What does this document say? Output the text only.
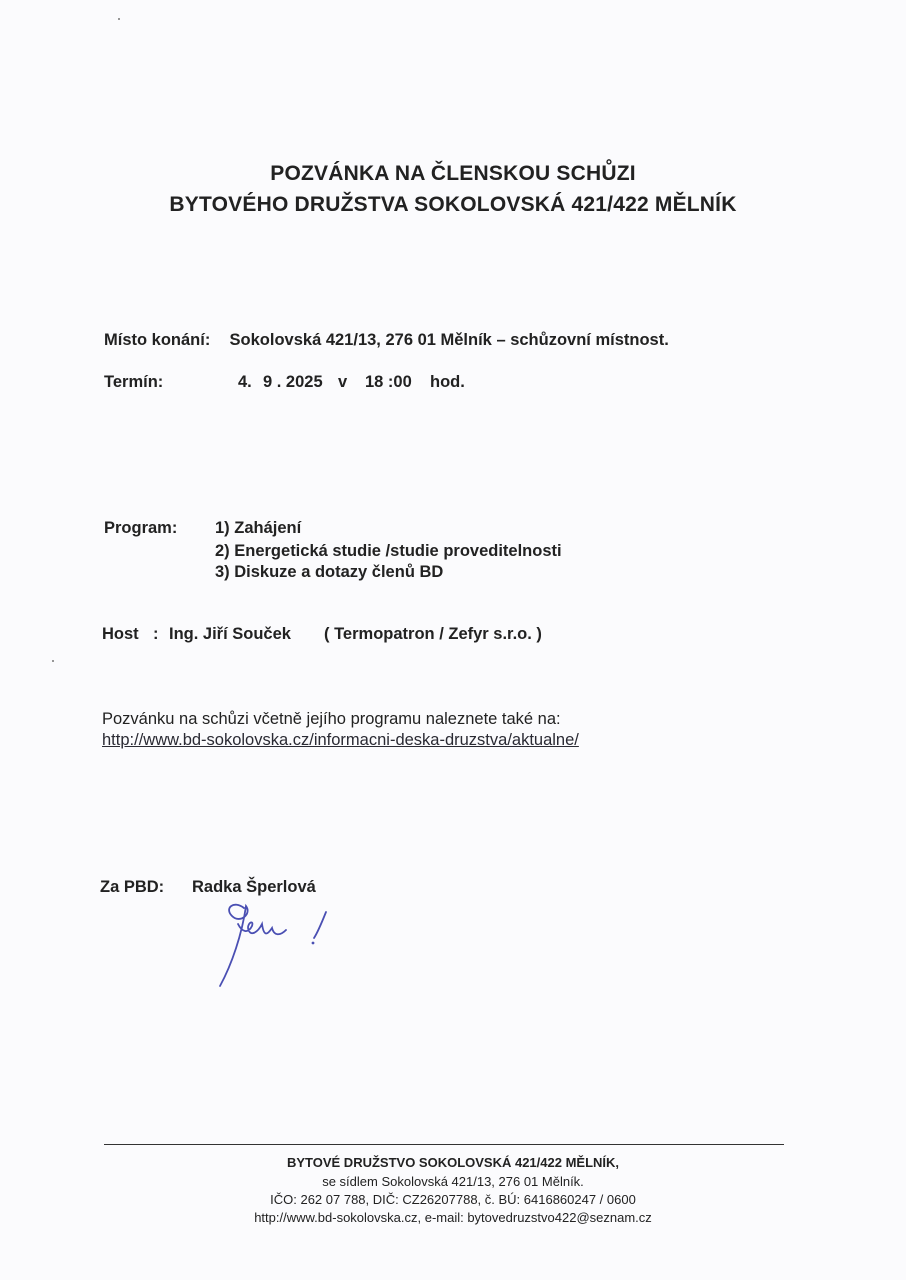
POZVÁNKA NA ČLENSKOU SCHŮZI
BYTOVÉHO DRUŽSTVA SOKOLOVSKÁ 421/422 MĚLNÍK
Místo konání: Sokolovská 421/13, 276 01 Mělník – schůzovní místnost.
Termín:	4. 9 . 2025 v 18 :00 hod.
Program: 1) Zahájení
2) Energetická studie /studie proveditelnosti
3) Diskuze a dotazy členů BD
Host : Ing. Jiří Souček ( Termopatron / Zefyr s.r.o. )
Pozvánku na schůzi včetně jejího programu naleznete také na:
http://www.bd-sokolovska.cz/informacni-deska-druzstva/aktualne/
Za PBD: Radka Šperlová
BYTOVÉ DRUŽSTVO SOKOLOVSKÁ 421/422 MĚLNÍK,
se sídlem Sokolovská 421/13, 276 01 Mělník.
IČO: 262 07 788, DIČ: CZ26207788, č. BÚ: 6416860247 / 0600
http://www.bd-sokolovska.cz, e-mail: bytovedruzstvo422@seznam.cz
